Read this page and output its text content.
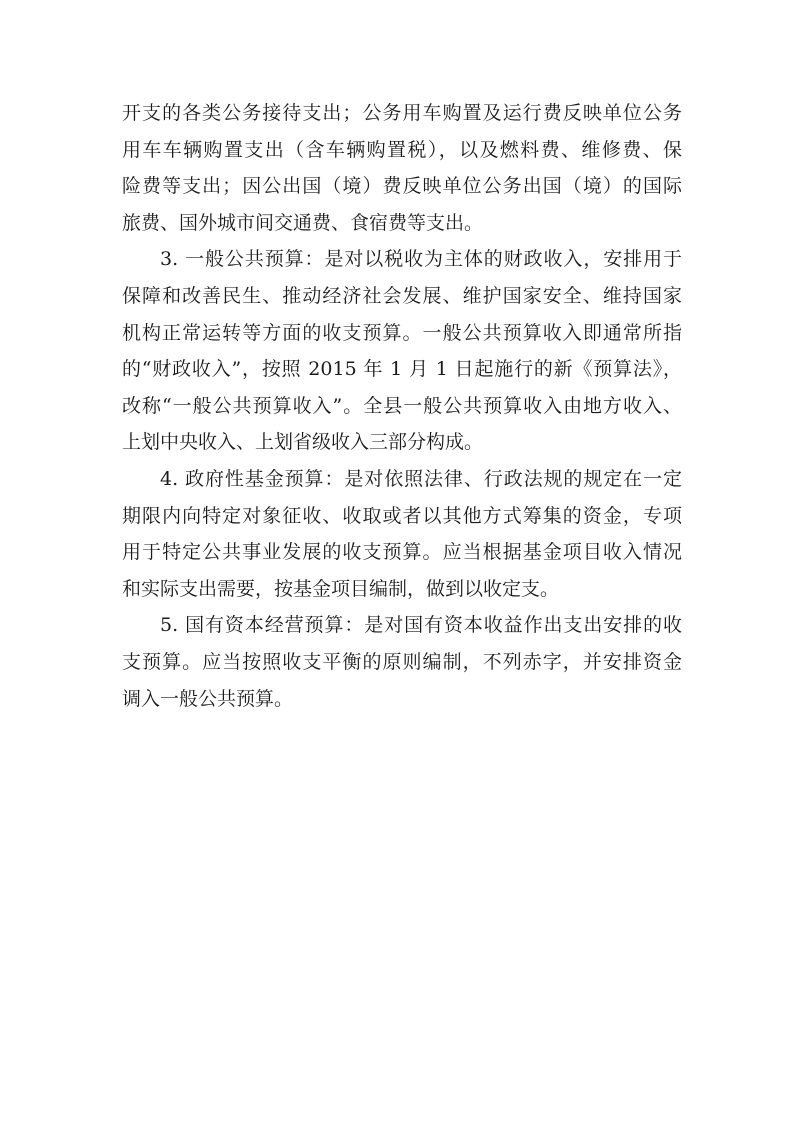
开支的各类公务接待支出；公务用车购置及运行费反映单位公务
用车车辆购置支出（含车辆购置税），以及燃料费、维修费、保
险费等支出；因公出国（境）费反映单位公务出国（境）的国际
旅费、国外城市间交通费、食宿费等支出。
3. 一般公共预算：是对以税收为主体的财政收入，安排用于
保障和改善民生、推动经济社会发展、维护国家安全、维持国家
机构正常运转等方面的收支预算。一般公共预算收入即通常所指
的“财政收入”，按照 2015 年 1 月 1 日起施行的新《预算法》，
改称“一般公共预算收入”。全县一般公共预算收入由地方收入、
上划中央收入、上划省级收入三部分构成。
4. 政府性基金预算：是对依照法律、行政法规的规定在一定
期限内向特定对象征收、收取或者以其他方式筹集的资金，专项
用于特定公共事业发展的收支预算。应当根据基金项目收入情况
和实际支出需要，按基金项目编制，做到以收定支。
5. 国有资本经营预算：是对国有资本收益作出支出安排的收
支预算。应当按照收支平衡的原则编制，不列赤字，并安排资金
调入一般公共预算。
